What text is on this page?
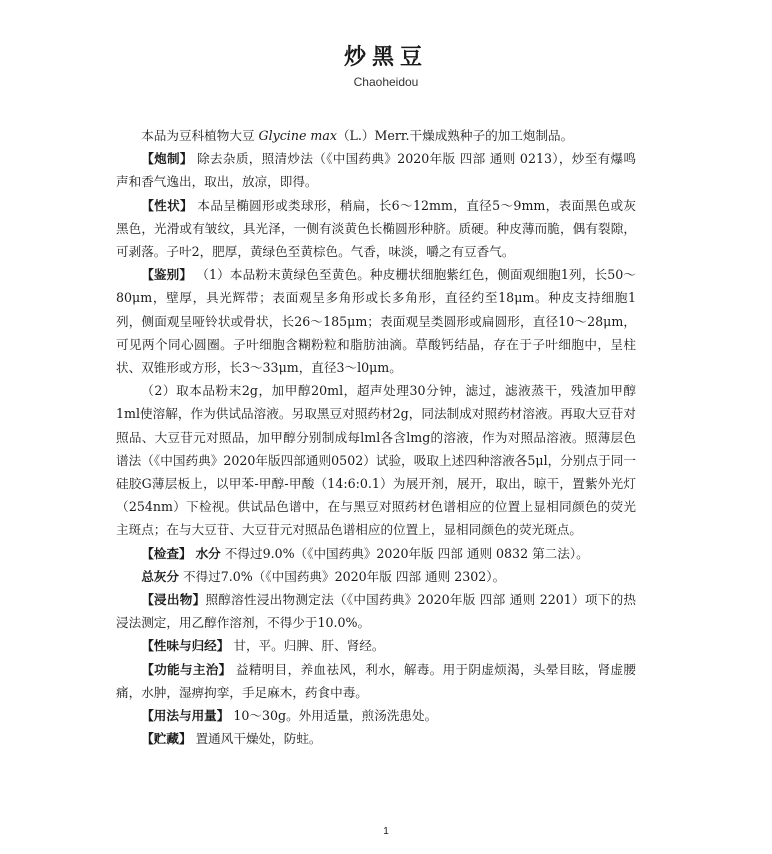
炒黑豆
Chaoheidou

本品为豆科植物大豆 Glycine max（L.）Merr.干燥成熟种子的加工炮制品。

【炮制】 除去杂质，照清炒法（《中国药典》2020年版 四部 通则 0213），炒至有爆鸣声和香气逸出，取出，放凉，即得。

【性状】 本品呈椭圆形或类球形，稍扁，长6～12mm，直径5～9mm，表面黑色或灰黑色，光滑或有皱纹，具光泽，一侧有淡黄色长椭圆形种脐。质硬。种皮薄而脆，偶有裂隙，可剥落。子叶2，肥厚，黄绿色至黄棕色。气香，味淡，嚼之有豆香气。

【鉴别】 （1）本品粉末黄绿色至黄色。种皮栅状细胞紫红色，侧面观细胞1列，长50～80μm，壁厚，具光辉带；表面观呈多角形或长多角形，直径约至18μm。种皮支持细胞1列，侧面观呈哑铃状或骨状，长26～185μm；表面观呈类圆形或扁圆形，直径10～28μm，可见两个同心圆圈。子叶细胞含糊粉粒和脂肪油滴。草酸钙结晶，存在于子叶细胞中，呈柱状、双锥形或方形，长3～33μm，直径3～l0μm。

（2）取本品粉末2g，加甲醇20ml，超声处理30分钟，滤过，滤液蒸干，残渣加甲醇1ml使溶解，作为供试品溶液。另取黑豆对照药材2g，同法制成对照药材溶液。再取大豆苷对照品、大豆苷元对照品，加甲醇分别制成每lml各含lmg的溶液，作为对照品溶液。照薄层色谱法（《中国药典》2020年版四部通则0502）试验，吸取上述四种溶液各5μl，分别点于同一硅胶G薄层板上，以甲苯-甲醇-甲酸（14:6:0.1）为展开剂，展开，取出，晾干，置紫外光灯（254nm）下检视。供试品色谱中，在与黑豆对照药材色谱相应的位置上显相同颜色的荧光主斑点；在与大豆苷、大豆苷元对照品色谱相应的位置上，显相同颜色的荧光斑点。

【检查】 水分 不得过9.0%（《中国药典》2020年版 四部 通则 0832 第二法）。

总灰分 不得过7.0%（《中国药典》2020年版 四部 通则 2302）。

【浸出物】照醇溶性浸出物测定法（《中国药典》2020年版 四部 通则 2201）项下的热浸法测定，用乙醇作溶剂，不得少于10.0%。

【性味与归经】 甘，平。归脾、肝、肾经。

【功能与主治】 益精明目，养血祛风，利水，解毒。用于阴虚烦渴，头晕目眩，肾虚腰痛，水肿，湿痹拘挛，手足麻木，药食中毒。

【用法与用量】 10～30g。外用适量，煎汤洗患处。

【贮藏】 置通风干燥处，防蛀。

1
